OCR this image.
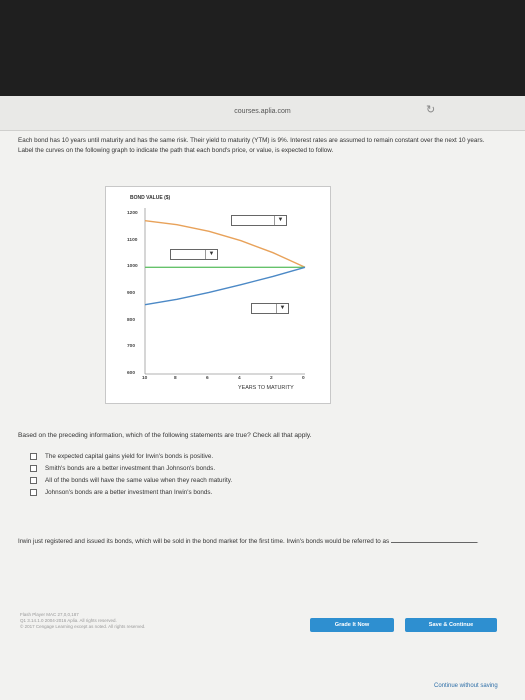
courses.aplia.com	↻
Each bond has 10 years until maturity and has the same risk. Their yield to maturity (YTM) is 9%. Interest rates are assumed to remain constant over the next 10 years. Label the curves on the following graph to indicate the path that each bond's price, or value, is expected to follow.
BOND VALUE ($)
1200
1100
1000
900
800
700
600
10	8	6	4	2	0
YEARS TO MATURITY
▼
▼
▼
Based on the preceding information, which of the following statements are true? Check all that apply.
The expected capital gains yield for Irwin's bonds is positive.
Smith's bonds are a better investment than Johnson's bonds.
All of the bonds will have the same value when they reach maturity.
Johnson's bonds are a better investment than Irwin's bonds.
Irwin just registered and issued its bonds, which will be sold in the bond market for the first time. Irwin's bonds would be referred to as	.
Flash Player MAC 27,0,0,187
Q1 3.14.1.0 2004-2016 Aplia. All rights reserved.
© 2017 Cengage Learning except as noted. All rights reserved.	Grade It Now	Save & Continue
Continue without saving
